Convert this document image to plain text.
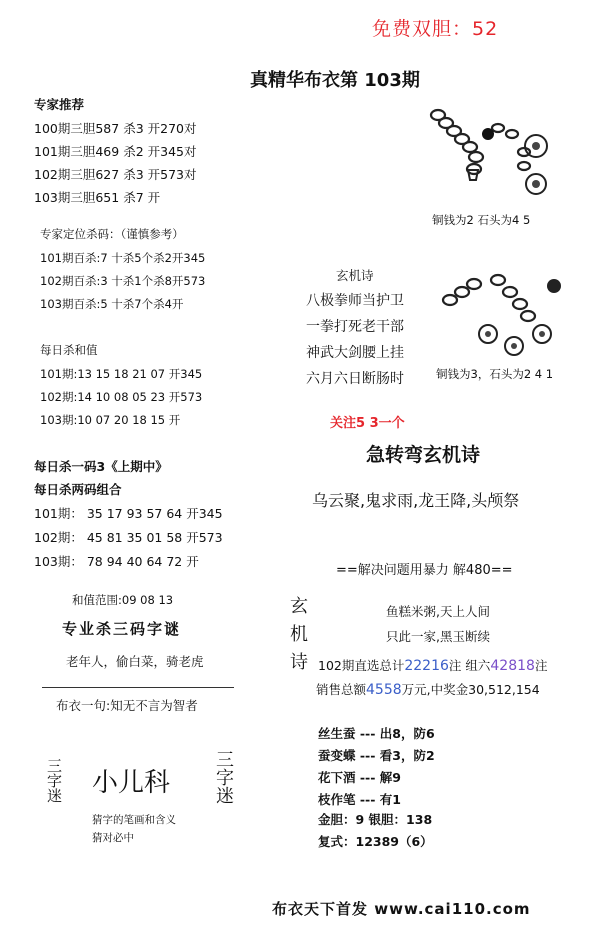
免费双胆：52
真精华布衣第 103期
专家推荐
100期三胆587 杀3 开270对
101期三胆469 杀2 开345对
102期三胆627 杀3 开573对
103期三胆651 杀7 开
专家定位杀码：（谨慎参考）
101期百杀:7 十杀5个杀2开345
102期百杀:3 十杀1个杀8开573
103期百杀:5 十杀7个杀4开
每日杀和值
101期:13 15 18 21 07 开345
102期:14 10 08 05 23 开573
103期:10 07 20 18 15 开
每日杀一码3《上期中》
每日杀两码组合
101期： 35 17 93 57 64 开345
102期： 45 81 35 01 58 开573
103期： 78 94 40 64 72 开
和值范围:09 08 13
专业杀三码字谜
老年人，偷白菜，骑老虎
布衣一句:知无不言为智者
三字迷 小儿科 三字迷
猜字的笔画和含义
猜对必中
铜钱为2 石头为4 5
玄机诗
八极拳师当护卫
一拳打死老干部
神武大剑腰上挂
六月六日断肠时	铜钱为3，石头为2 4 1
关注5 3一个
急转弯玄机诗
乌云聚,鬼求雨,龙王降,头颅祭
==解决问题用暴力 解480==
玄机诗	鱼糕米粥,天上人间
只此一家,黑玉断续
102期直选总计22216注 组六42818注
销售总额4558万元,中奖金30,512,154
丝生蚕 --- 出8，防6
蚕变蝶 --- 看3，防2
花下酒 --- 解9
枝作笔 --- 有1
金胆：9 银胆：138
复式：12389（6）
布衣天下首发 www.cai110.com
